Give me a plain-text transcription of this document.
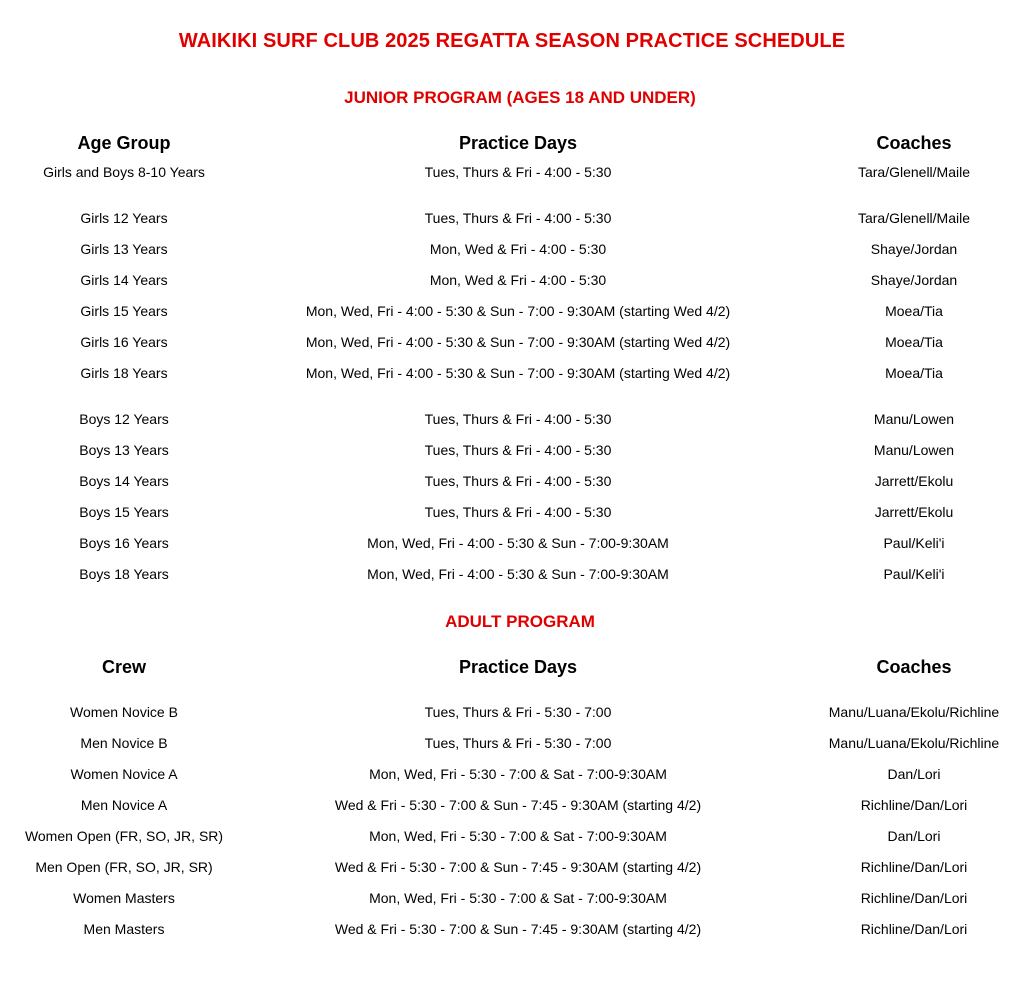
WAIKIKI SURF CLUB 2025 REGATTA SEASON PRACTICE SCHEDULE
JUNIOR PROGRAM (AGES 18 AND UNDER)
Age Group	Practice Days	Coaches
Girls and Boys 8-10 Years	Tues, Thurs & Fri - 4:00 - 5:30	Tara/Glenell/Maile
Girls 12 Years	Tues, Thurs & Fri - 4:00 - 5:30	Tara/Glenell/Maile
Girls 13 Years	Mon, Wed & Fri - 4:00 - 5:30	Shaye/Jordan
Girls 14 Years	Mon, Wed & Fri - 4:00 - 5:30	Shaye/Jordan
Girls 15 Years	Mon, Wed, Fri - 4:00 - 5:30 & Sun - 7:00 - 9:30AM (starting Wed 4/2)	Moea/Tia
Girls 16 Years	Mon, Wed, Fri - 4:00 - 5:30 & Sun - 7:00 - 9:30AM (starting Wed 4/2)	Moea/Tia
Girls 18 Years	Mon, Wed, Fri - 4:00 - 5:30 & Sun - 7:00 - 9:30AM (starting Wed 4/2)	Moea/Tia
Boys 12 Years	Tues, Thurs & Fri - 4:00 - 5:30	Manu/Lowen
Boys 13 Years	Tues, Thurs & Fri - 4:00 - 5:30	Manu/Lowen
Boys 14 Years	Tues, Thurs & Fri - 4:00 - 5:30	Jarrett/Ekolu
Boys 15 Years	Tues, Thurs & Fri - 4:00 - 5:30	Jarrett/Ekolu
Boys 16 Years	Mon, Wed, Fri - 4:00 - 5:30 & Sun - 7:00-9:30AM	Paul/Keli'i
Boys 18 Years	Mon, Wed, Fri - 4:00 - 5:30 & Sun - 7:00-9:30AM	Paul/Keli'i
ADULT PROGRAM
Crew	Practice Days	Coaches
Women Novice B	Tues, Thurs & Fri - 5:30 - 7:00	Manu/Luana/Ekolu/Richline
Men Novice B	Tues, Thurs & Fri - 5:30 - 7:00	Manu/Luana/Ekolu/Richline
Women Novice A	Mon, Wed, Fri - 5:30 - 7:00 & Sat - 7:00-9:30AM	Dan/Lori
Men Novice A	Wed & Fri - 5:30 - 7:00 & Sun - 7:45 - 9:30AM (starting 4/2)	Richline/Dan/Lori
Women Open (FR, SO, JR, SR)	Mon, Wed, Fri - 5:30 - 7:00 & Sat - 7:00-9:30AM	Dan/Lori
Men Open (FR, SO, JR, SR)	Wed & Fri - 5:30 - 7:00 & Sun - 7:45 - 9:30AM (starting 4/2)	Richline/Dan/Lori
Women Masters	Mon, Wed, Fri - 5:30 - 7:00 & Sat - 7:00-9:30AM	Richline/Dan/Lori
Men Masters	Wed & Fri - 5:30 - 7:00 & Sun - 7:45 - 9:30AM (starting 4/2)	Richline/Dan/Lori
